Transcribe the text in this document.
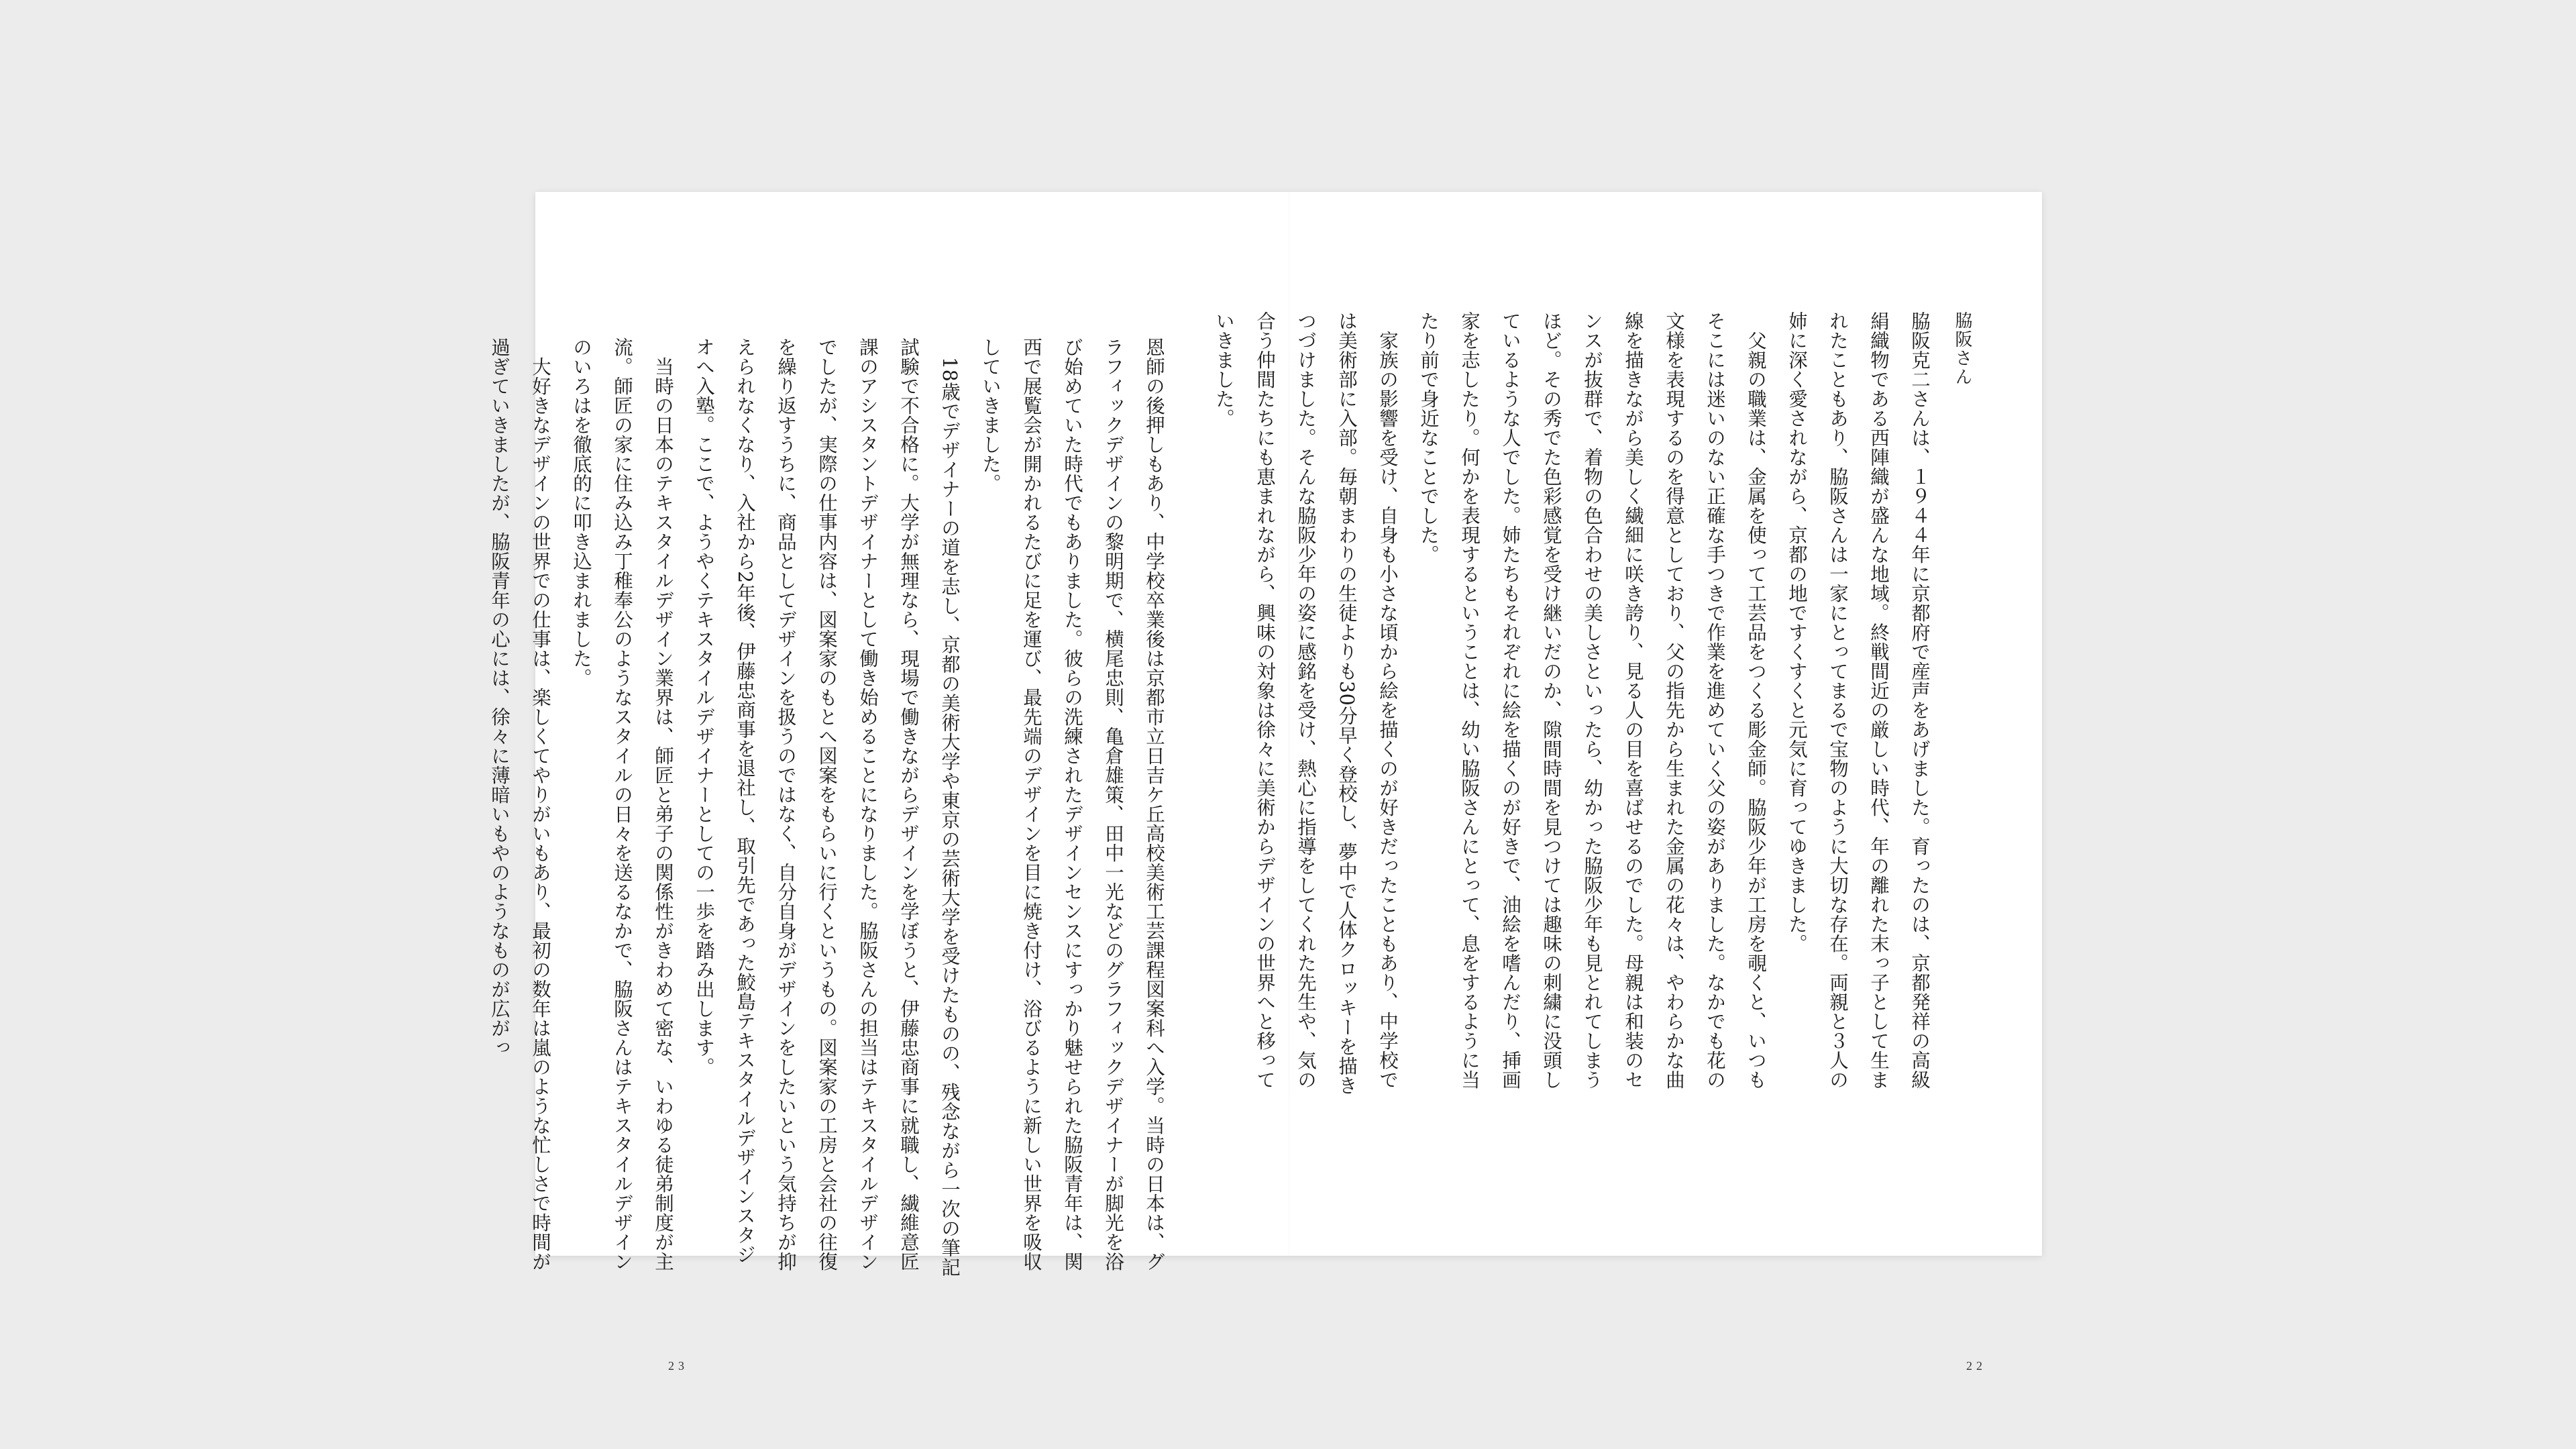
脇阪さん

脇阪克二さんは、１９４４年に京都府で産声をあげました。育ったのは、京都発祥の高級絹織物である西陣織が盛んな地域。終戦間近の厳しい時代、年の離れた末っ子として生まれたこともあり、脇阪さんは一家にとってまるで宝物のように大切な存在。両親と３人の姉に深く愛されながら、京都の地ですくすくと元気に育ってゆきました。

父親の職業は、金属を使って工芸品をつくる彫金師。脇阪少年が工房を覗くと、いつもそこには迷いのない正確な手つきで作業を進めていく父の姿がありました。なかでも花の文様を表現するのを得意としており、父の指先から生まれた金属の花々は、やわらかな曲線を描きながら美しく繊細に咲き誇り、見る人の目を喜ばせるのでした。母親は和装のセンスが抜群で、着物の色合わせの美しさといったら、幼かった脇阪少年も見とれてしまうほど。その秀でた色彩感覚を受け継いだのか、隙間時間を見つけては趣味の刺繍に没頭しているような人でした。姉たちもそれぞれに絵を描くのが好きで、油絵を嗜んだり、挿画家を志したり。何かを表現するということは、幼い脇阪さんにとって、息をするように当たり前で身近なことでした。

家族の影響を受け、自身も小さな頃から絵を描くのが好きだったこともあり、中学校では美術部に入部。毎朝まわりの生徒よりも30分早く登校し、夢中で人体クロッキーを描きつづけました。そんな脇阪少年の姿に感銘を受け、熱心に指導をしてくれた先生や、気の合う仲間たちにも恵まれながら、興味の対象は徐々に美術からデザインの世界へと移っていきました。

22

恩師の後押しもあり、中学校卒業後は京都市立日吉ケ丘高校美術工芸課程図案科へ入学。当時の日本は、グラフィックデザインの黎明期で、横尾忠則、亀倉雄策、田中一光などのグラフィックデザイナーが脚光を浴び始めていた時代でもありました。彼らの洗練されたデザインセンスにすっかり魅せられた脇阪青年は、関西で展覧会が開かれるたびに足を運び、最先端のデザインを目に焼き付け、浴びるように新しい世界を吸収していきました。

18歳でデザイナーの道を志し、京都の美術大学や東京の芸術大学を受けたものの、残念ながら一次の筆記試験で不合格に。大学が無理なら、現場で働きながらデザインを学ぼうと、伊藤忠商事に就職し、繊維意匠課のアシスタントデザイナーとして働き始めることになりました。脇阪さんの担当はテキスタイルデザインでしたが、実際の仕事内容は、図案家のもとへ図案をもらいに行くというもの。図案家の工房と会社の往復を繰り返すうちに、商品としてデザインを扱うのではなく、自分自身がデザインをしたいという気持ちが抑えられなくなり、入社から2年後、伊藤忠商事を退社し、取引先であった鮫島テキスタイルデザインスタジオへ入塾。ここで、ようやくテキスタイルデザイナーとしての一歩を踏み出します。

当時の日本のテキスタイルデザイン業界は、師匠と弟子の関係性がきわめて密な、いわゆる徒弟制度が主流。師匠の家に住み込み丁稚奉公のようなスタイルの日々を送るなかで、脇阪さんはテキスタイルデザインのいろはを徹底的に叩き込まれました。

大好きなデザインの世界での仕事は、楽しくてやりがいもあり、最初の数年は嵐のような忙しさで時間が過ぎていきましたが、脇阪青年の心には、徐々に薄暗いもやのようなものが広がっ

23
